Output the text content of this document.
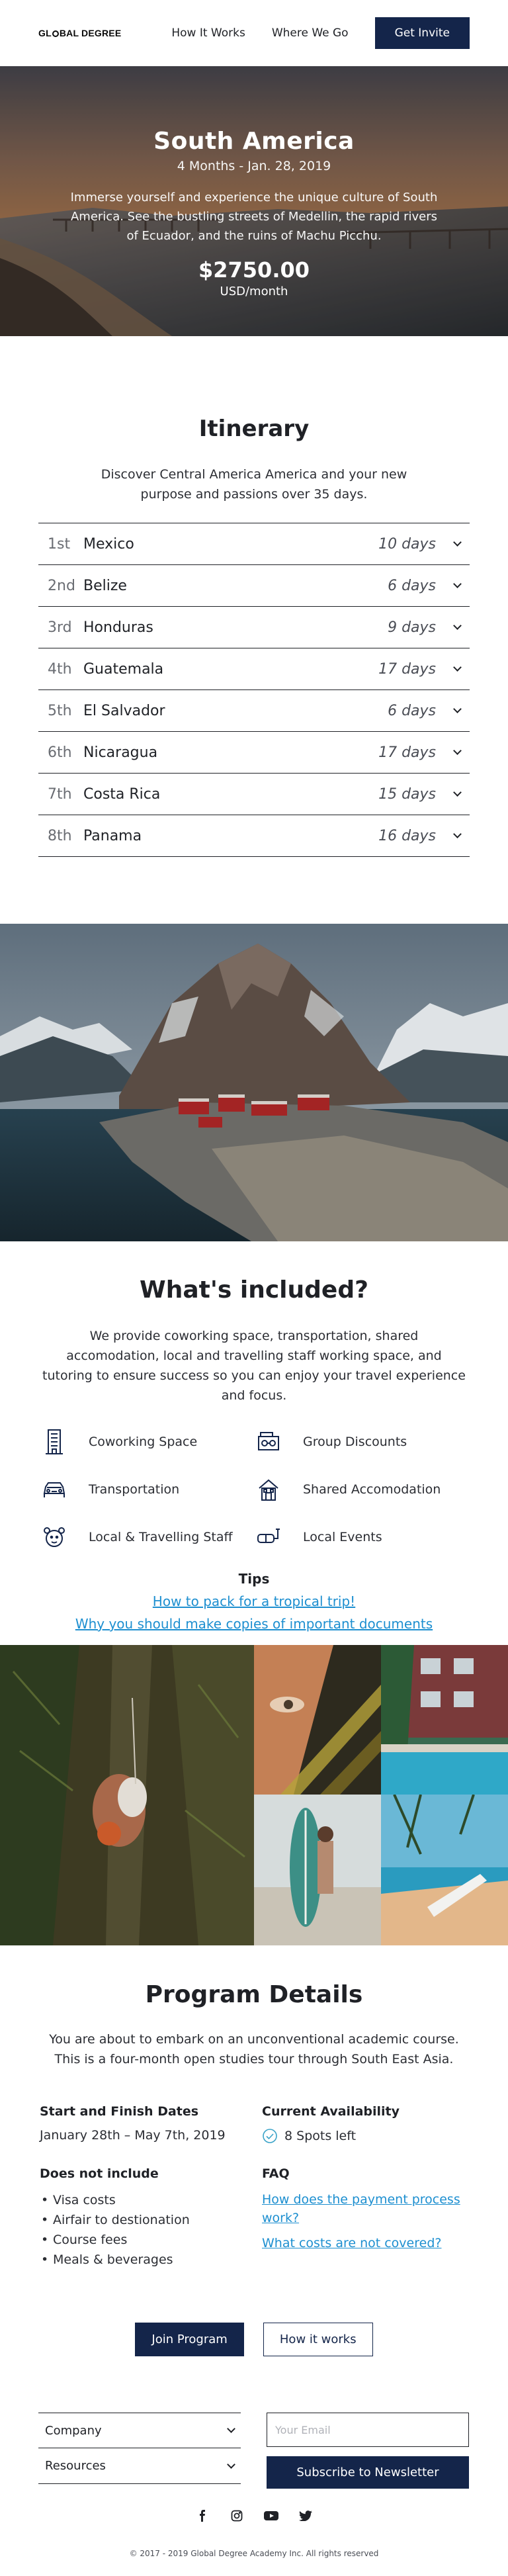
GL BAL DEGREE	How It Works Where We Go	Get Invite
South America
4 Months - Jan. 28, 2019

Immerse yourself and experience the unique culture of South America. See the bustling streets of Medellin, the rapid rivers of Ecuador, and the ruins of Machu Picchu.

$2750.00
USD/month
Itinerary

Discover Central America America and your new purpose and passions over 35 days.

1st Mexico	10 days
2nd Belize	6 days
3rd Honduras	9 days
4th Guatemala	17 days
5th El Salvador	6 days
6th Nicaragua	17 days
7th Costa Rica	15 days
8th Panama	16 days
What's included?

We provide coworking space, transportation, shared accomodation, local and travelling staff working space, and tutoring to ensure success so you can enjoy your travel experience and focus.

Coworking Space	Group Discounts
Transportation	Shared Accomodation
Local & Travelling Staff	Local Events
Tips
How to pack for a tropical trip!
Why you should make copies of important documents
Program Details

You are about to embark on an unconventional academic course. This is a four-month open studies tour through South East Asia.

Start and Finish Dates
January 28th – May 7th, 2019
Current Availability
8 Spots left
Does not include
• Visa costs
• Airfair to destionation
• Course fees
• Meals & beverages
FAQ
How does the payment process work?
What costs are not covered?
Join Program	How it works
Company
Resources
Your Email	Subscribe to Newsletter
© 2017 - 2019 Global Degree Academy Inc. All rights reserved
